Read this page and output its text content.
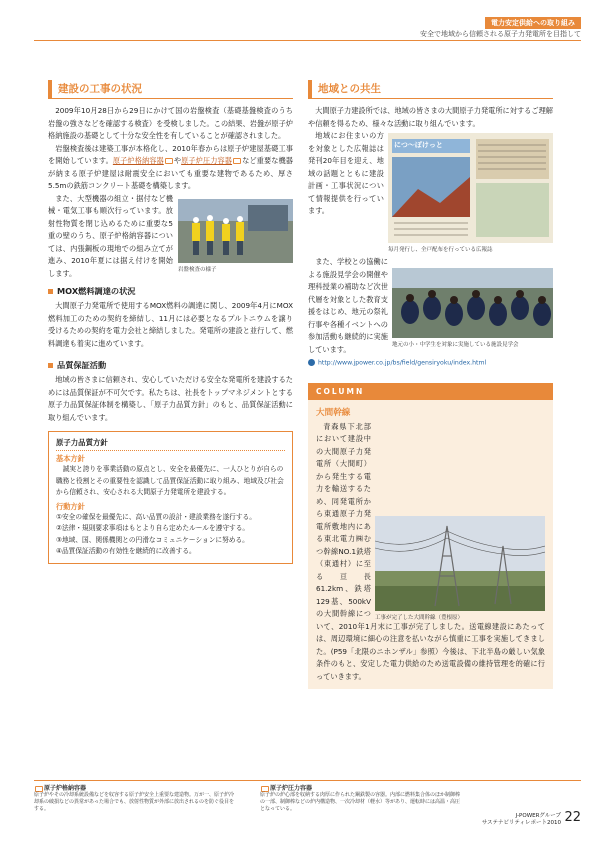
電力安定供給への取り組み
安全で地域から信頼される原子力発電所を目指して
建設の工事の状況

2009年10月28日から29日にかけて国の岩盤検査（基礎基盤検査のうち岩盤の強さなどを確認する検査）を受検しました。この結果、岩盤が原子炉格納施設の基礎として十分な安全性を有していることが確認されました。

岩盤検査後は建築工事が本格化し、2010年春からは原子炉建屋基礎工事を開始しています。原子炉格納容器 や原子炉圧力容器 など重要な機器が納まる原子炉建屋は耐震安全においても重要な建物であるため、厚さ5.5mの鉄筋コンクリート基礎を構築します。

また、大型機器の組立・据付など機械・電気工事も順次行っています。放射性物質を閉じ込めるために重要な5重の壁のうち、原子炉格納容器については、内張鋼板の現地での組み立てが進み、2010年夏には据え付けを開始します。	岩盤検査の様子
MOX燃料調達の状況

大間原子力発電所で使用するMOX燃料の調達に関し、2009年4月にMOX燃料加工のための契約を締結し、11月には必要となるプルトニウムを譲り受けるための契約を電力会社と締結しました。発電所の建設と並行して、燃料調達も着実に進めています。

品質保証活動

地域の皆さまに信頼され、安心していただける安全な発電所を建設するためには品質保証が不可欠です。私たちは、社長をトップマネジメントとする原子力品質保証体制を構築し、「原子力品質方針」のもと、品質保証活動に取り組んでいます。

原子力品質方針
基本方針

誠実と誇りを事業活動の原点とし、安全を最優先に、一人ひとりが自らの職務と役割とその重要性を認識して品質保証活動に取り組み、地域及び社会から信頼され、安心される大間原子力発電所を建設する。

行動方針
①安全の確保を最優先に、高い品質の設計・建設業務を遂行する。
②法律・規則要求事項はもとより自ら定めたルールを遵守する。
③地域、国、関係機関との円滑なコミュニケーションに努める。
④品質保証活動の有効性を継続的に改善する。
地域との共生

大間原子力建設所では、地域の皆さまの大間原子力発電所に対するご理解や信頼を得るため、様々な活動に取り組んでいます。

地域にお住まいの方を対象とした広報誌は発刊20年目を迎え、地域の話題とともに建設計画・工事状況について情報提供を行っています。

につ～ぽけっと
毎月発行し、全戸配布を行っている広報誌

また、学校との協働による施設見学会の開催や理科授業の補助など次世代層を対象とした教育支援をはじめ、地元の祭礼行事や各種イベントへの参加活動も継続的に実施しています。	地元の小・中学生を対象に実施している施設見学会
http://www.jpower.co.jp/bs/field/gensiryoku/index.html
COLUMN
大間幹線
工事が完了した大間幹線（豊根原）

青森県下北部において建設中の大間原子力発電所（大間町）から発生する電力を輸送するため、同発電所から東通原子力発電所敷地内にある東北電力㈱むつ幹線NO.1鉄塔（東通村）に至る亘長61.2km、鉄塔129基、500kVの大間幹線について、2010年1月末に工事が完了しました。送電線建設にあたっては、周辺環境に細心の注意を払いながら慎重に工事を実施してきました。(P59「北限のニホンザル」参照）今後は、下北半島の厳しい気象条件のもと、安定した電力供給のため送電設備の維持管理を的確に行っていきます。

原子炉格納容器
原子炉やその冷却系統設備などを収容する原子炉安全上重要な建造物。万が一、原子炉冷却系の破損などの異常があった場合でも、放射性物質が外部に放出されるのを防ぐ役目をする。
原子炉圧力容器
原子炉の炉心部を収納する肉厚に作られた鋼鉄製の容器。内部に燃料集合体のほか制御棒の一部、制御棒などの炉内構造物、一次冷却材（軽水）等があり、運転時には高温・高圧となっている。
J-POWERグループ
サステナビリティレポート2010 22
